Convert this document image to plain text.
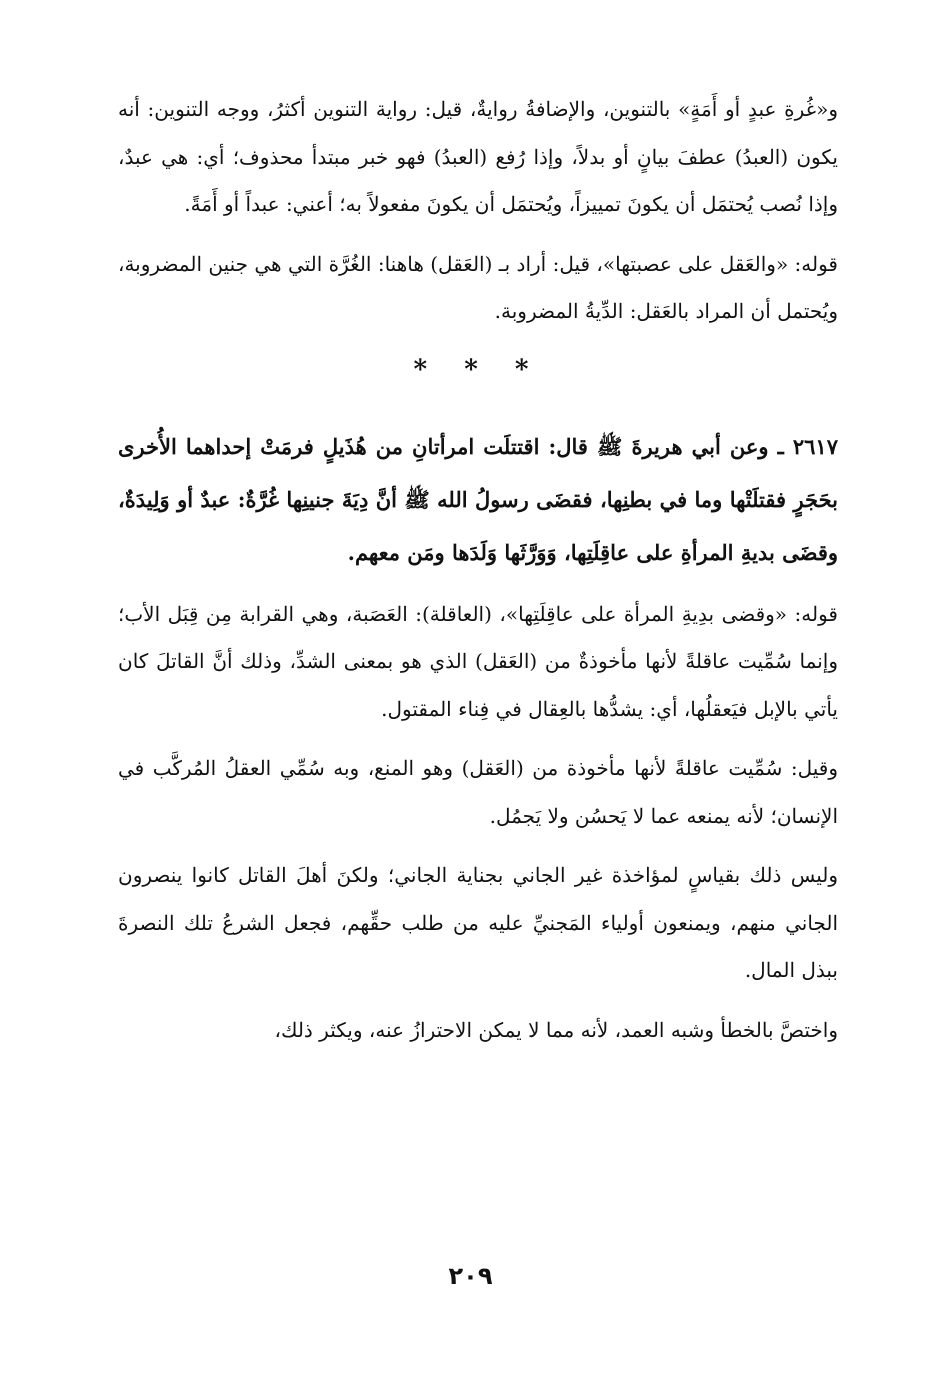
و«غُرةِ عبدٍ أو أَمَةٍ» بالتنوين، والإضافةُ روايةٌ، قيل: رواية التنوين أكثرُ، ووجه التنوين: أنه يكون (العبدُ) عطفَ بيانٍ أو بدلاً، وإذا رُفع (العبدُ) فهو خبر مبتدأ محذوف؛ أي: هي عبدٌ، وإذا نُصب يُحتمَل أن يكونَ تمييزاً، ويُحتمَل أن يكونَ مفعولاً به؛ أعني: عبداً أو أَمَةً.

قوله: «والعَقل على عصبتها»، قيل: أراد بـ (العَقل) هاهنا: الغُرَّة التي هي جنين المضروبة، ويُحتمل أن المراد بالعَقل: الدِّيةُ المضروبة.

* * *

٢٦١٧ ـ وعن أبي هريرةَ ﷺ قال: اقتتلَت امرأتانِ من هُذَيلٍ فرمَتْ إحداهما الأُخرى بحَجَرٍ فقتلَتْها وما في بطنِها، فقضَى رسولُ الله ﷺ أنَّ دِيَةَ جنينِها غُرَّةٌ: عبدٌ أو وَلِيدَةٌ، وقضَى بديةِ المرأةِ على عاقِلَتِها، وَوَرَّثَها وَلَدَها ومَن معهم.

قوله: «وقضى بدِيةِ المرأة على عاقِلَتِها»، (العاقلة): العَصَبة، وهي القرابة مِن قِبَل الأب؛ وإنما سُمِّيت عاقلةً لأنها مأخوذةٌ من (العَقل) الذي هو بمعنى الشدِّ، وذلك أنَّ القاتلَ كان يأتي بالإبل فيَعقلُها، أي: يشدُّها بالعِقال في فِناء المقتول.

وقيل: سُمِّيت عاقلةً لأنها مأخوذة من (العَقل) وهو المنع، وبه سُمِّي العقلُ المُركَّب في الإنسان؛ لأنه يمنعه عما لا يَحسُن ولا يَجمُل.

وليس ذلك بقياسٍ لمؤاخذة غير الجاني بجناية الجاني؛ ولكنَ أهلَ القاتل كانوا ينصرون الجاني منهم، ويمنعون أولياء المَجنيِّ عليه من طلب حقِّهم، فجعل الشرعُ تلك النصرةَ ببذل المال.

واختصَّ بالخطأ وشبه العمد، لأنه مما لا يمكن الاحترازُ عنه، ويكثر ذلك،

٢٠٩
